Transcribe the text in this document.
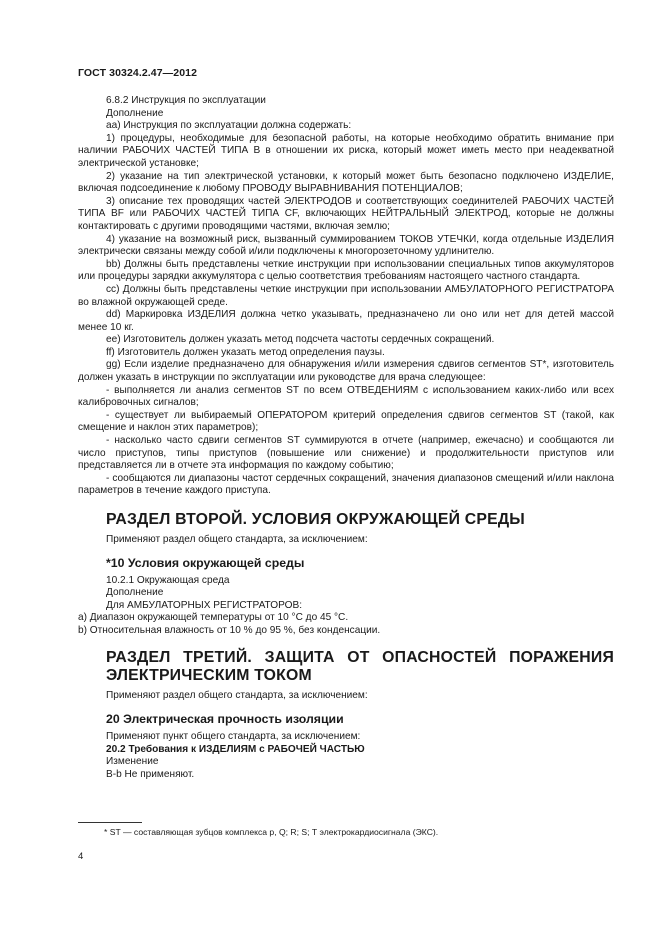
ГОСТ 30324.2.47—2012

6.8.2 Инструкция по эксплуатации

Дополнение

аа) Инструкция по эксплуатации должна содержать:

1) процедуры, необходимые для безопасной работы, на которые необходимо обратить внимание при наличии РАБОЧИХ ЧАСТЕЙ ТИПА В в отношении их риска, который может иметь место при неадекватной электрической установке;

2) указание на тип электрической установки, к который может быть безопасно подключено ИЗДЕЛИЕ, включая подсоединение к любому ПРОВОДУ ВЫРАВНИВАНИЯ ПОТЕНЦИАЛОВ;

3) описание тех проводящих частей ЭЛЕКТРОДОВ и соответствующих соединителей РАБОЧИХ ЧАСТЕЙ ТИПА BF или РАБОЧИХ ЧАСТЕЙ ТИПА CF, включающих НЕЙТРАЛЬНЫЙ ЭЛЕКТРОД, которые не должны контактировать с другими проводящими частями, включая землю;

4) указание на возможный риск, вызванный суммированием ТОКОВ УТЕЧКИ, когда отдельные ИЗДЕЛИЯ электрически связаны между собой и/или подключены к многорозеточному удлинителю.

bb) Должны быть представлены четкие инструкции при использовании специальных типов аккумуляторов или процедуры зарядки аккумулятора с целью соответствия требованиям настоящего частного стандарта.

cc) Должны быть представлены четкие инструкции при использовании АМБУЛАТОРНОГО РЕГИСТРАТОРА во влажной окружающей среде.

dd) Маркировка ИЗДЕЛИЯ должна четко указывать, предназначено ли оно или нет для детей массой менее 10 кг.

ее) Изготовитель должен указать метод подсчета частоты сердечных сокращений.

ff) Изготовитель должен указать метод определения паузы.

gg) Если изделие предназначено для обнаружения и/или измерения сдвигов сегментов ST*, изготовитель должен указать в инструкции по эксплуатации или руководстве для врача следующее:

- выполняется ли анализ сегментов ST по всем ОТВЕДЕНИЯМ с использованием каких-либо или всех калибровочных сигналов;

- существует ли выбираемый ОПЕРАТОРОМ критерий определения сдвигов сегментов ST (такой, как смещение и наклон этих параметров);

- насколько часто сдвиги сегментов ST суммируются в отчете (например, ежечасно) и сообщаются ли число приступов, типы приступов (повышение или снижение) и продолжительности приступов или представляется ли в отчете эта информация по каждому событию;

- сообщаются ли диапазоны частот сердечных сокращений, значения диапазонов смещений и/или наклона параметров в течение каждого приступа.

РАЗДЕЛ ВТОРОЙ. УСЛОВИЯ ОКРУЖАЮЩЕЙ СРЕДЫ

Применяют раздел общего стандарта, за исключением:

*10 Условия окружающей среды

10.2.1 Окружающая среда

Дополнение

Для АМБУЛАТОРНЫХ РЕГИСТРАТОРОВ:

а) Диапазон окружающей температуры от 10 °С до 45 °С.

b) Относительная влажность от 10 % до 95 %, без конденсации.

РАЗДЕЛ ТРЕТИЙ. ЗАЩИТА ОТ ОПАСНОСТЕЙ ПОРАЖЕНИЯ

ЭЛЕКТРИЧЕСКИМ ТОКОМ

Применяют раздел общего стандарта, за исключением:

20 Электрическая прочность изоляции

Применяют пункт общего стандарта, за исключением:

20.2 Требования к ИЗДЕЛИЯМ с РАБОЧЕЙ ЧАСТЬЮ

Изменение

B-b Не применяют.

* ST — составляющая зубцов комплекса р, Q; R; S; Т электрокардиосигнала (ЭКС).
4
